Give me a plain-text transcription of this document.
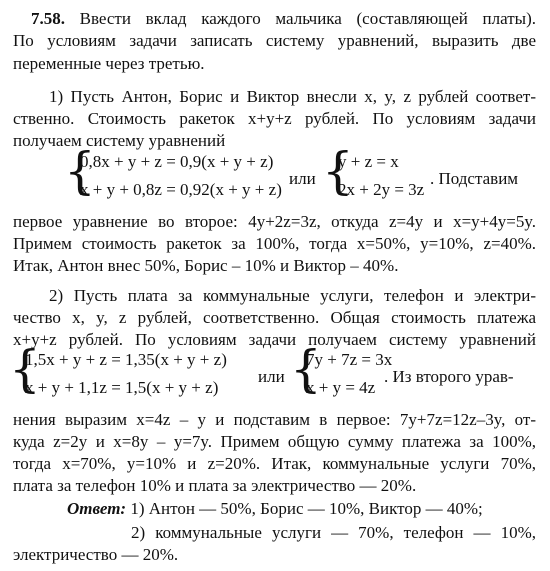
7.58. Ввести вклад каждого мальчика (составляющей платы).
По условиям задачи записать систему уравнений, выразить две
переменные через третью.
1) Пусть Антон, Борис и Виктор внесли x, y, z рублей соответ-
ственно. Стоимость ракеток x+y+z рублей. По условиям задачи
получаем систему уравнений
{
0,8x + y + z = 0,9(x + y + z)
x + y + 0,8z = 0,92(x + y + z)
или {
y + z = x
2x + 2y = 3z
. Подставим
первое уравнение во второе: 4y+2z=3z, откуда z=4y и x=y+4y=5y.
Примем стоимость ракеток за 100%, тогда x=50%, y=10%, z=40%.
Итак, Антон внес 50%, Борис – 10% и Виктор – 40%.
2) Пусть плата за коммунальные услуги, телефон и электри-
чество x, y, z рублей, соответственно. Общая стоимость платежа
x+y+z рублей. По условиям задачи получаем систему уравнений
{
1,5x + y + z = 1,35(x + y + z)
x + y + 1,1z = 1,5(x + y + z)
или {
7y + 7z = 3x
x + y = 4z
. Из второго урав-
нения выразим x=4z – y и подставим в первое: 7y+7z=12z–3y, от-
куда z=2y и x=8y – y=7y. Примем общую сумму платежа за 100%,
тогда x=70%, y=10% и z=20%. Итак, коммунальные услуги 70%,
плата за телефон 10% и плата за электричество — 20%.
Ответ: 1) Антон — 50%, Борис — 10%, Виктор — 40%;
2) коммунальные услуги — 70%, телефон — 10%,
электричество — 20%.
